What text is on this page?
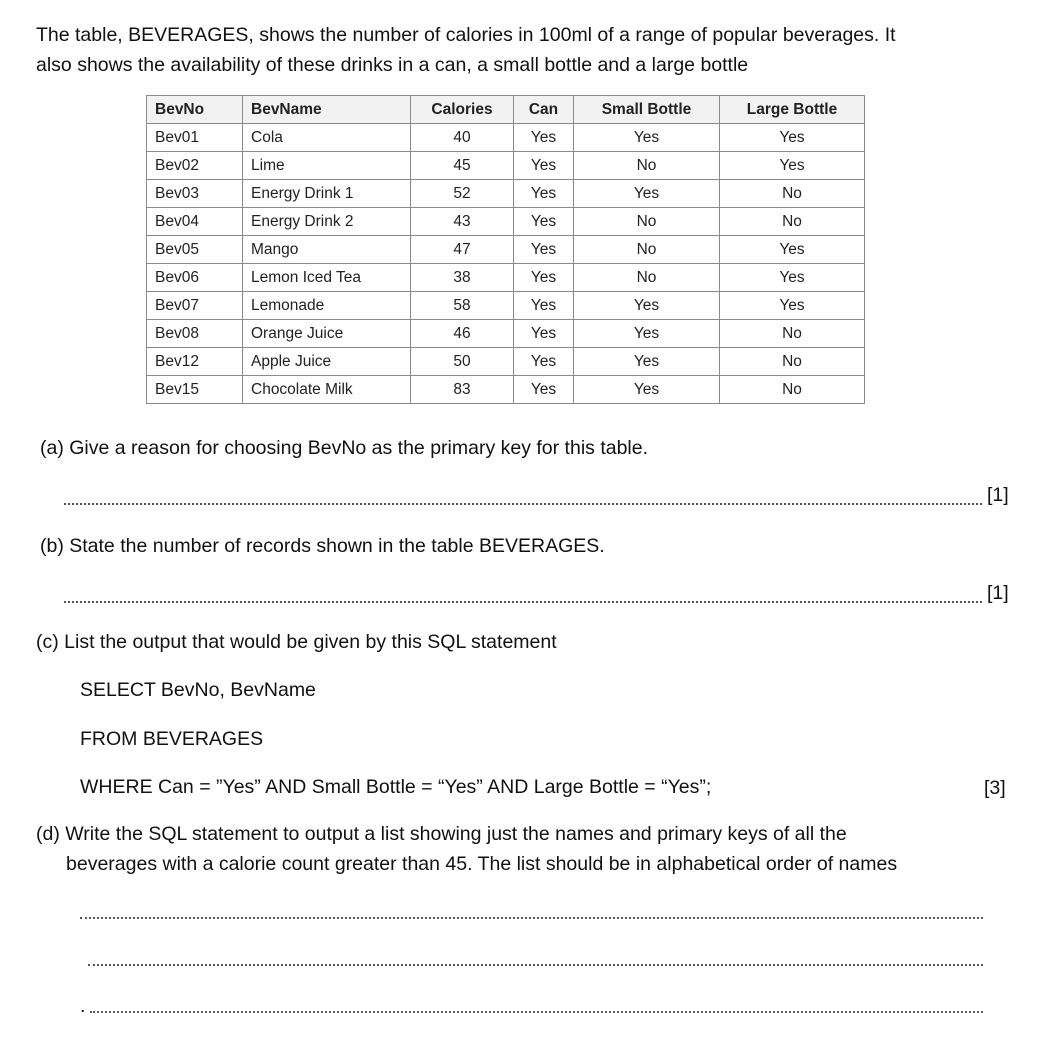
The table, BEVERAGES, shows the number of calories in 100ml of a range of popular beverages. It
also shows the availability of these drinks in a can, a small bottle and a large bottle
BevNo	BevName	Calories	Can	Small Bottle	Large Bottle
Bev01	Cola	40	Yes	Yes	Yes
Bev02	Lime	45	Yes	No	Yes
Bev03	Energy Drink 1	52	Yes	Yes	No
Bev04	Energy Drink 2	43	Yes	No	No
Bev05	Mango	47	Yes	No	Yes
Bev06	Lemon Iced Tea	38	Yes	No	Yes
Bev07	Lemonade	58	Yes	Yes	Yes
Bev08	Orange Juice	46	Yes	Yes	No
Bev12	Apple Juice	50	Yes	Yes	No
Bev15	Chocolate Milk	83	Yes	Yes	No
(a) Give a reason for choosing BevNo as the primary key for this table.
[1]
(b) State the number of records shown in the table BEVERAGES.
[1]
(c) List the output that would be given by this SQL statement
SELECT BevNo, BevName
FROM BEVERAGES
WHERE Can = ”Yes” AND Small Bottle = “Yes” AND Large Bottle = “Yes”;	[3]
(d) Write the SQL statement to output a list showing just the names and primary keys of all the
beverages with a calorie count greater than 45. The list should be in alphabetical order of names
.
